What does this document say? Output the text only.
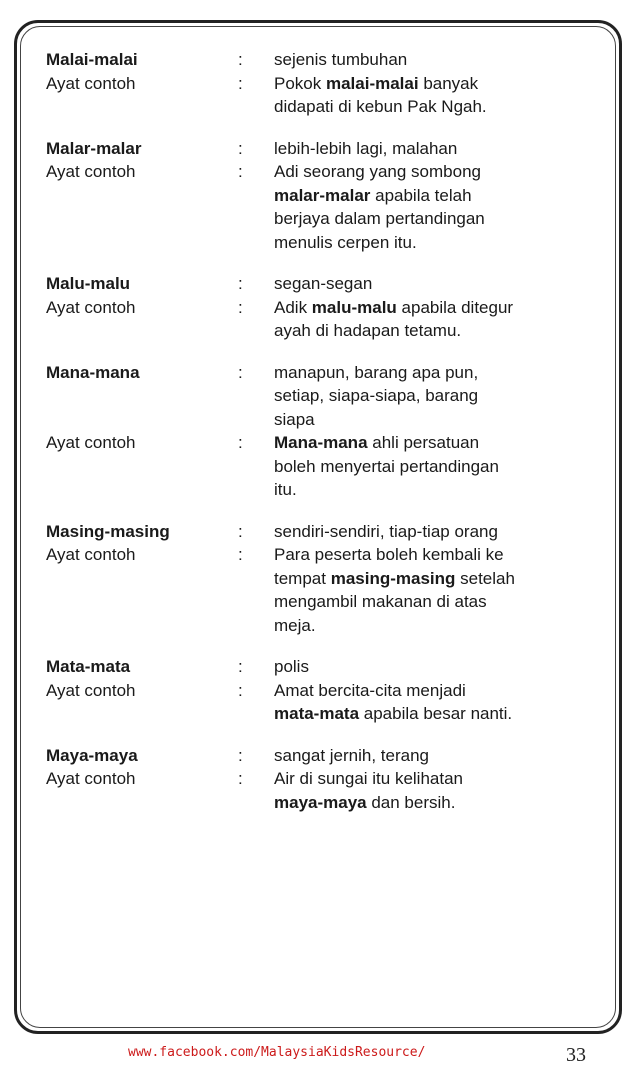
Malai-malai	:	sejenis tumbuhan
Ayat contoh	:	Pokok malai-malai banyak
didapati di kebun Pak Ngah.
Malar-malar	:	lebih-lebih lagi, malahan
Ayat contoh	:	Adi seorang yang sombong
malar-malar apabila telah
berjaya dalam pertandingan
menulis cerpen itu.
Malu-malu	:	segan-segan
Ayat contoh	:	Adik malu-malu apabila ditegur
ayah di hadapan tetamu.
Mana-mana	:	manapun, barang apa pun,
setiap, siapa-siapa, barang
siapa
Ayat contoh	:	Mana-mana ahli persatuan
boleh menyertai pertandingan
itu.
Masing-masing	:	sendiri-sendiri, tiap-tiap orang
Ayat contoh	:	Para peserta boleh kembali ke
tempat masing-masing setelah
mengambil makanan di atas
meja.
Mata-mata	:	polis
Ayat contoh	:	Amat bercita-cita menjadi
mata-mata apabila besar nanti.
Maya-maya	:	sangat jernih, terang
Ayat contoh	:	Air di sungai itu kelihatan
maya-maya dan bersih.
www.facebook.com/MalaysiaKidsResource/	33
